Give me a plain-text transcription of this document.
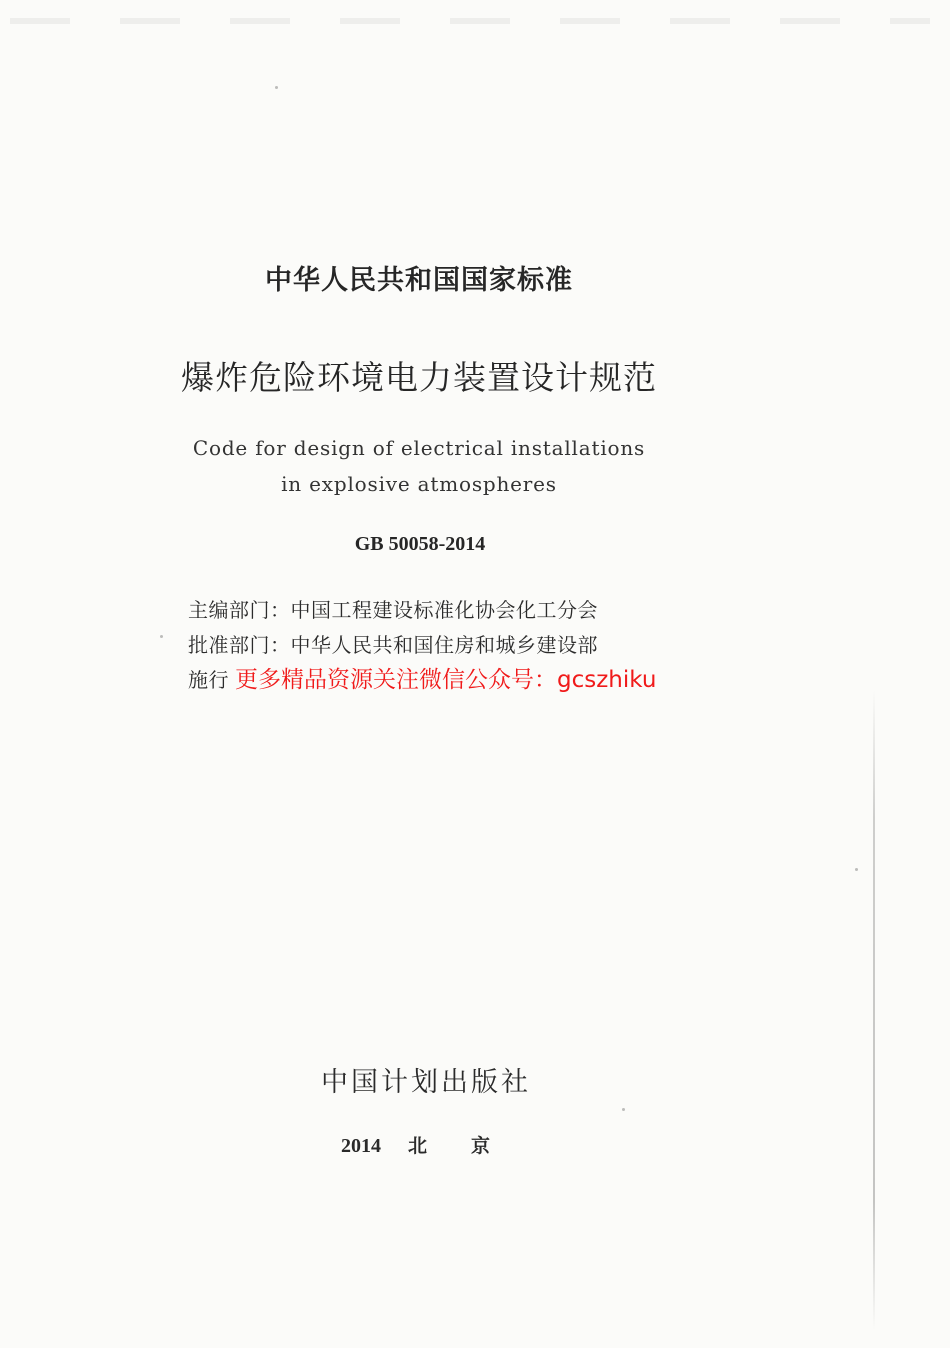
中华人民共和国国家标准
爆炸危险环境电力装置设计规范
Code for design of electrical installations
in explosive atmospheres
GB 50058-2014
主编部门：中国工程建设标准化协会化工分会
批准部门：中华人民共和国住房和城乡建设部
施行 更多精品资源关注微信公众号：gcszhiku
中国计划出版社
2014 北京
